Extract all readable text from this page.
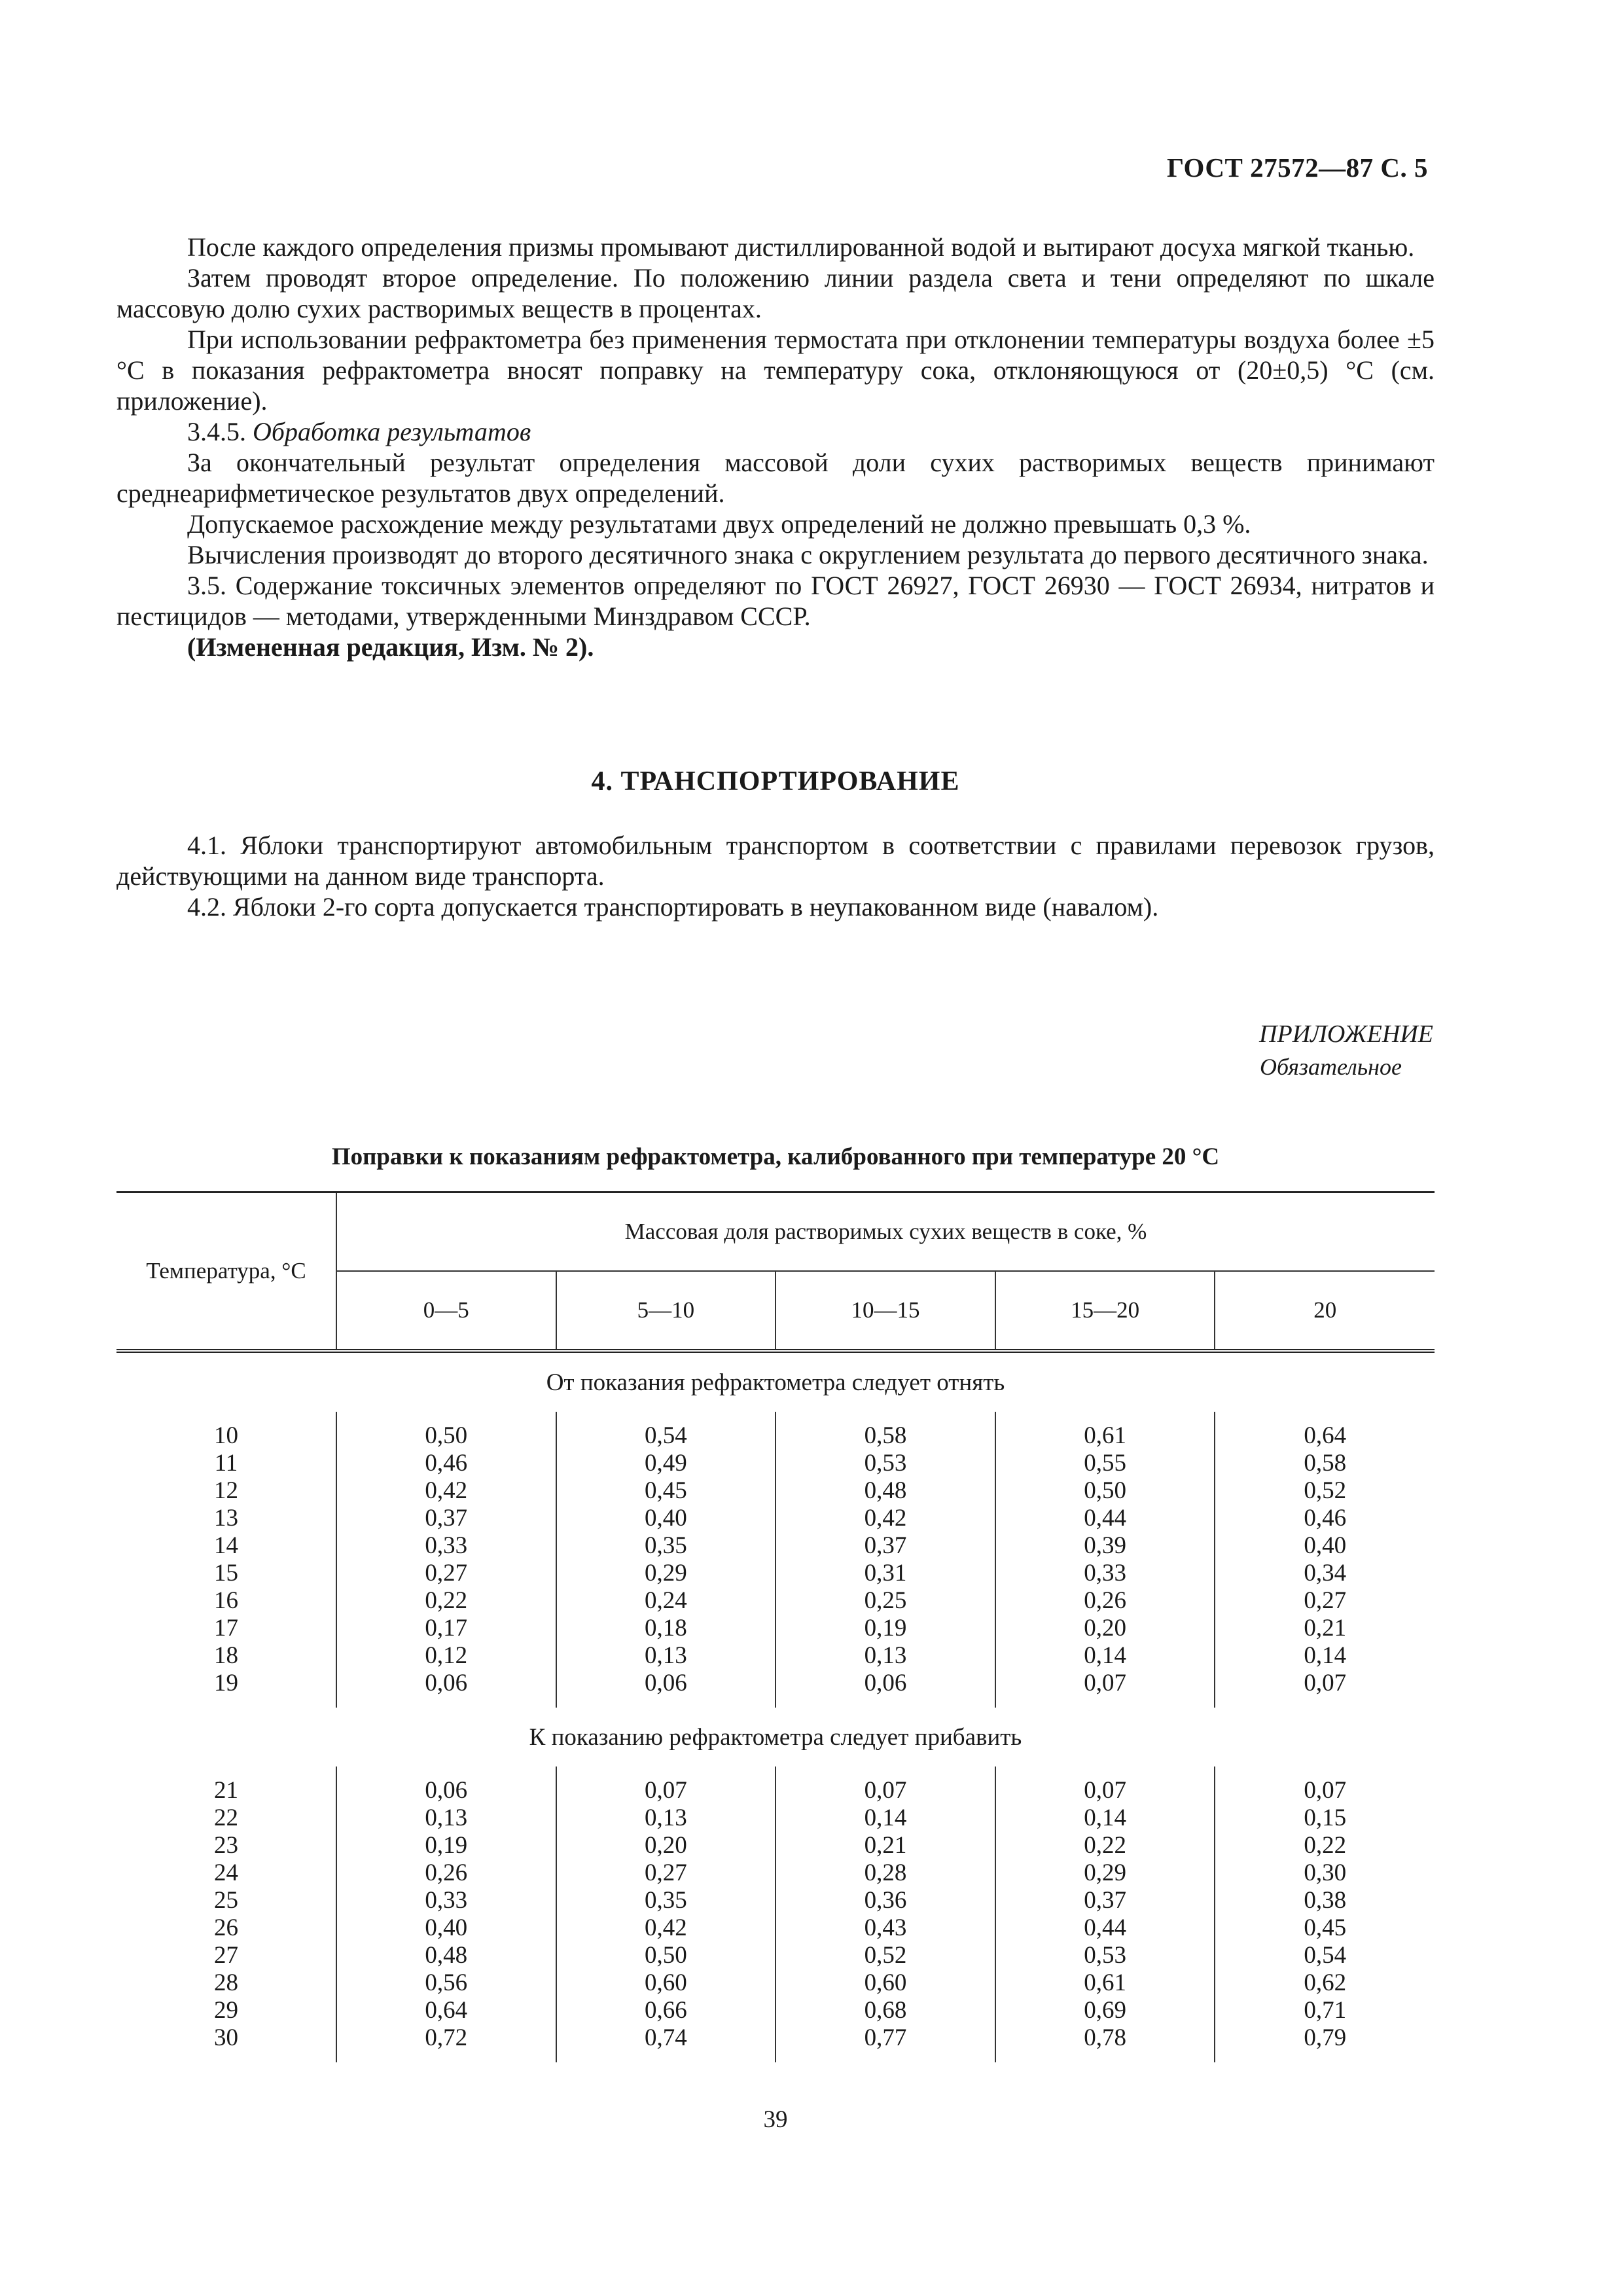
ГОСТ 27572—87 С. 5

После каждого определения призмы промывают дистиллированной водой и вытирают досуха мягкой тканью.

Затем проводят второе определение. По положению линии раздела света и тени определяют по шкале массовую долю сухих растворимых веществ в процентах.

При использовании рефрактометра без применения термостата при отклонении температуры воздуха более ±5 °С в показания рефрактометра вносят поправку на температуру сока, отклоняющуюся от (20±0,5) °С (см. приложение).

3.4.5. Обработка результатов

За окончательный результат определения массовой доли сухих растворимых веществ принимают среднеарифметическое результатов двух определений.

Допускаемое расхождение между результатами двух определений не должно превышать 0,3 %.

Вычисления производят до второго десятичного знака с округлением результата до первого десятичного знака.

3.5. Содержание токсичных элементов определяют по ГОСТ 26927, ГОСТ 26930 — ГОСТ 26934, нитратов и пестицидов — методами, утвержденными Минздравом СССР.

(Измененная редакция, Изм. № 2).

4. ТРАНСПОРТИРОВАНИЕ

4.1. Яблоки транспортируют автомобильным транспортом в соответствии с правилами перевозок грузов, действующими на данном виде транспорта.

4.2. Яблоки 2-го сорта допускается транспортировать в неупакованном виде (навалом).

ПРИЛОЖЕНИЕ
Обязательное
Поправки к показаниям рефрактометра, калиброванного при температуре 20 °С
Температура, °С	Массовая доля растворимых сухих веществ в соке, %				
	0—5	5—10	10—15	15—20	20
От показания рефрактометра следует отнять					

10	0,50	0,54	0,58	0,61	0,64
11	0,46	0,49	0,53	0,55	0,58
12	0,42	0,45	0,48	0,50	0,52
13	0,37	0,40	0,42	0,44	0,46
14	0,33	0,35	0,37	0,39	0,40
15	0,27	0,29	0,31	0,33	0,34
16	0,22	0,24	0,25	0,26	0,27
17	0,17	0,18	0,19	0,20	0,21
18	0,12	0,13	0,13	0,14	0,14
19	0,06	0,06	0,06	0,07	0,07

К показанию рефрактометра следует прибавить					

21	0,06	0,07	0,07	0,07	0,07
22	0,13	0,13	0,14	0,14	0,15
23	0,19	0,20	0,21	0,22	0,22
24	0,26	0,27	0,28	0,29	0,30
25	0,33	0,35	0,36	0,37	0,38
26	0,40	0,42	0,43	0,44	0,45
27	0,48	0,50	0,52	0,53	0,54
28	0,56	0,60	0,60	0,61	0,62
29	0,64	0,66	0,68	0,69	0,71
30	0,72	0,74	0,77	0,78	0,79

39
